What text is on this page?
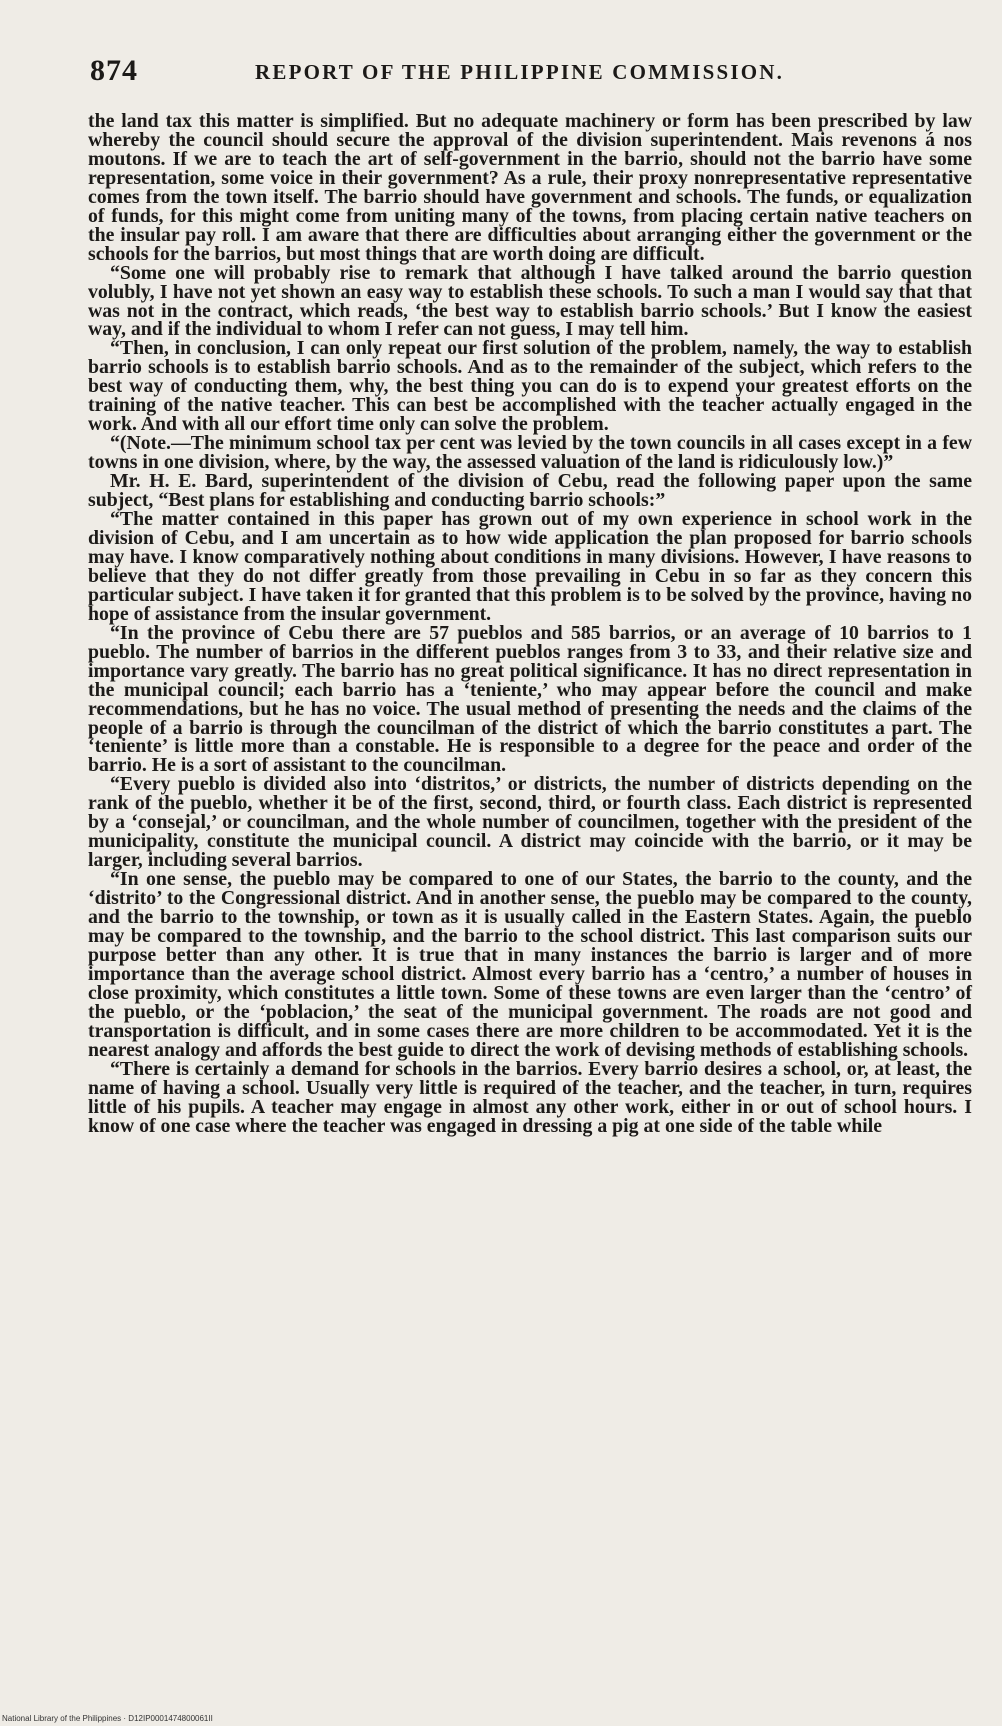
874	REPORT OF THE PHILIPPINE COMMISSION.

the land tax this matter is simplified. But no adequate machinery or form has been prescribed by law whereby the council should secure the approval of the division superintendent. Mais revenons á nos moutons. If we are to teach the art of self-government in the barrio, should not the barrio have some representation, some voice in their government? As a rule, their proxy nonrepresentative representative comes from the town itself. The barrio should have government and schools. The funds, or equalization of funds, for this might come from uniting many of the towns, from placing certain native teachers on the insular pay roll. I am aware that there are difficulties about arranging either the government or the schools for the barrios, but most things that are worth doing are difficult.

“Some one will probably rise to remark that although I have talked around the barrio question volubly, I have not yet shown an easy way to establish these schools. To such a man I would say that that was not in the contract, which reads, ‘the best way to establish barrio schools.’ But I know the easiest way, and if the individual to whom I refer can not guess, I may tell him.

“Then, in conclusion, I can only repeat our first solution of the problem, namely, the way to establish barrio schools is to establish barrio schools. And as to the remainder of the subject, which refers to the best way of conducting them, why, the best thing you can do is to expend your greatest efforts on the training of the native teacher. This can best be accomplished with the teacher actually engaged in the work. And with all our effort time only can solve the problem.

“(Note.—The minimum school tax per cent was levied by the town councils in all cases except in a few towns in one division, where, by the way, the assessed valuation of the land is ridiculously low.)”

Mr. H. E. Bard, superintendent of the division of Cebu, read the following paper upon the same subject, “Best plans for establishing and conducting barrio schools:”

“The matter contained in this paper has grown out of my own experience in school work in the division of Cebu, and I am uncertain as to how wide application the plan proposed for barrio schools may have. I know comparatively nothing about conditions in many divisions. However, I have reasons to believe that they do not differ greatly from those prevailing in Cebu in so far as they concern this particular subject. I have taken it for granted that this problem is to be solved by the province, having no hope of assistance from the insular government.

“In the province of Cebu there are 57 pueblos and 585 barrios, or an average of 10 barrios to 1 pueblo. The number of barrios in the different pueblos ranges from 3 to 33, and their relative size and importance vary greatly. The barrio has no great political significance. It has no direct representation in the municipal council; each barrio has a ‘teniente,’ who may appear before the council and make recommendations, but he has no voice. The usual method of presenting the needs and the claims of the people of a barrio is through the councilman of the district of which the barrio constitutes a part. The ‘teniente’ is little more than a constable. He is responsible to a degree for the peace and order of the barrio. He is a sort of assistant to the councilman.

“Every pueblo is divided also into ‘distritos,’ or districts, the number of districts depending on the rank of the pueblo, whether it be of the first, second, third, or fourth class. Each district is represented by a ‘consejal,’ or councilman, and the whole number of councilmen, together with the president of the municipality, constitute the municipal council. A district may coincide with the barrio, or it may be larger, including several barrios.

“In one sense, the pueblo may be compared to one of our States, the barrio to the county, and the ‘distrito’ to the Congressional district. And in another sense, the pueblo may be compared to the county, and the barrio to the township, or town as it is usually called in the Eastern States. Again, the pueblo may be compared to the township, and the barrio to the school district. This last comparison suits our purpose better than any other. It is true that in many instances the barrio is larger and of more importance than the average school district. Almost every barrio has a ‘centro,’ a number of houses in close proximity, which constitutes a little town. Some of these towns are even larger than the ‘centro’ of the pueblo, or the ‘poblacion,’ the seat of the municipal government. The roads are not good and transportation is difficult, and in some cases there are more children to be accommodated. Yet it is the nearest analogy and affords the best guide to direct the work of devising methods of establishing schools.

“There is certainly a demand for schools in the barrios. Every barrio desires a school, or, at least, the name of having a school. Usually very little is required of the teacher, and the teacher, in turn, requires little of his pupils. A teacher may engage in almost any other work, either in or out of school hours. I know of one case where the teacher was engaged in dressing a pig at one side of the table while

National Library of the Philippines · D12IP0001474800061II
